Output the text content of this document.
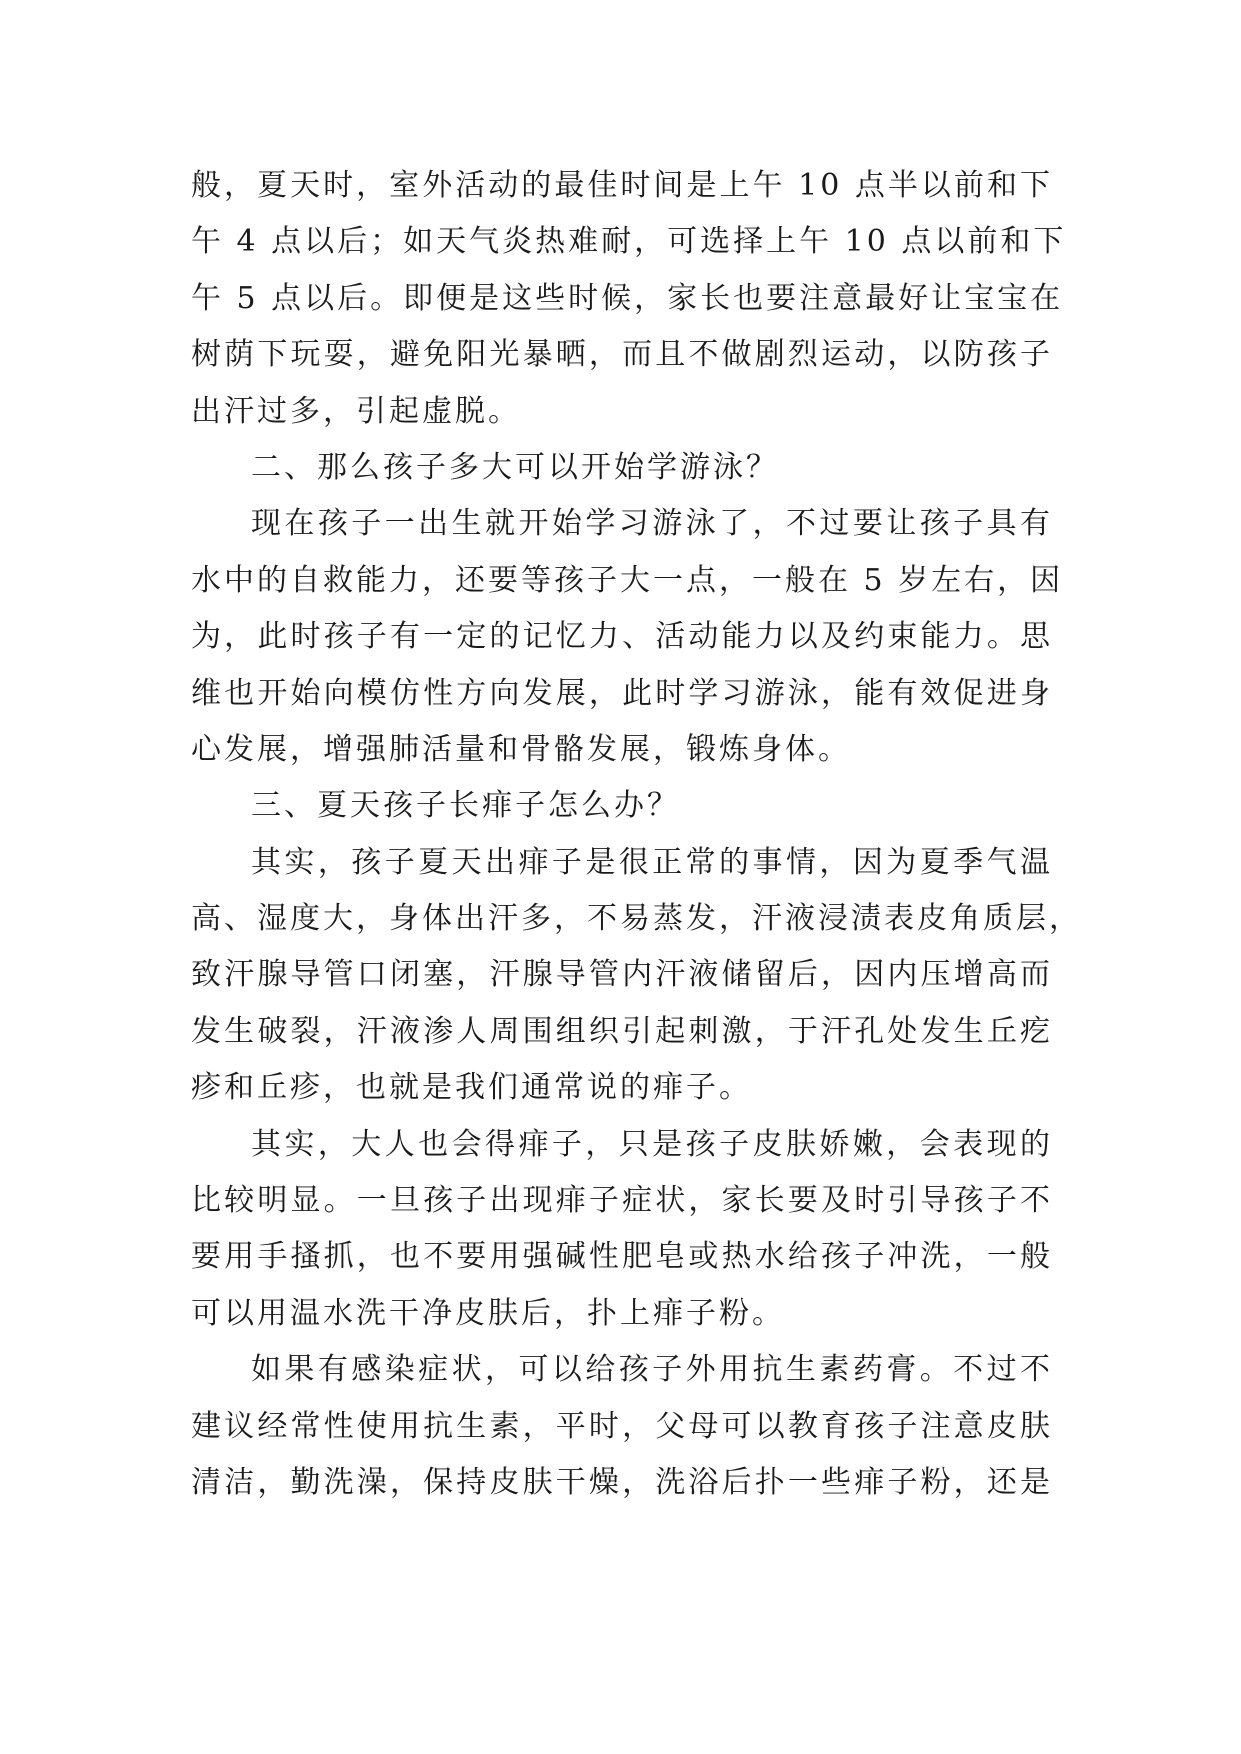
般，夏天时，室外活动的最佳时间是上午 10 点半以前和下
午 4 点以后；如天气炎热难耐，可选择上午 10 点以前和下
午 5 点以后。即便是这些时候，家长也要注意最好让宝宝在
树荫下玩耍，避免阳光暴晒，而且不做剧烈运动，以防孩子
出汗过多，引起虚脱。
二、那么孩子多大可以开始学游泳？
现在孩子一出生就开始学习游泳了，不过要让孩子具有
水中的自救能力，还要等孩子大一点，一般在 5 岁左右，因
为，此时孩子有一定的记忆力、活动能力以及约束能力。思
维也开始向模仿性方向发展，此时学习游泳，能有效促进身
心发展，增强肺活量和骨骼发展，锻炼身体。
三、夏天孩子长痱子怎么办？
其实，孩子夏天出痱子是很正常的事情，因为夏季气温
高、湿度大，身体出汗多，不易蒸发，汗液浸渍表皮角质层，
致汗腺导管口闭塞，汗腺导管内汗液储留后，因内压增高而
发生破裂，汗液渗人周围组织引起刺激，于汗孔处发生丘疙
疹和丘疹，也就是我们通常说的痱子。
其实，大人也会得痱子，只是孩子皮肤娇嫩，会表现的
比较明显。一旦孩子出现痱子症状，家长要及时引导孩子不
要用手搔抓，也不要用强碱性肥皂或热水给孩子冲洗，一般
可以用温水洗干净皮肤后，扑上痱子粉。
如果有感染症状，可以给孩子外用抗生素药膏。不过不
建议经常性使用抗生素，平时，父母可以教育孩子注意皮肤
清洁，勤洗澡，保持皮肤干燥，洗浴后扑一些痱子粉，还是
